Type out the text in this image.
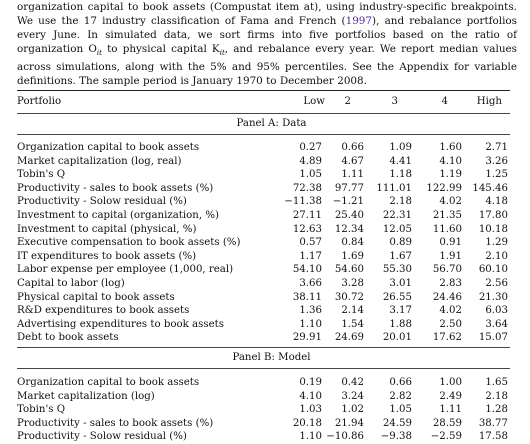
organization capital to book assets (Compustat item at), using industry-specific breakpoints. We use the 17 industry classification of Fama and French (1997), and rebalance portfolios every June. In simulated data, we sort firms into five portfolios based on the ratio of organization $O_{it}$ to physical capital $K_{it}$, and rebalance every year. We report median values across simulations, along with the 5% and 95% percentiles. See the Appendix for variable definitions. The sample period is January 1970 to December 2008.
Portfolio	Low 2	3	4	High
Panel A: Data
Organization capital to book assets	0.27 0.66 1.09	1.60 2.71
Market capitalization (log, real)	4.89 4.67 4.41	4.10 3.26
Tobin's Q	1.05 1.11 1.18	1.19 1.25
Productivity - sales to book assets (%)	72.38 97.77 111.01 122.99 145.46
Productivity - Solow residual (%)	−11.38 −1.21 2.18	4.02 4.18
Investment to capital (organization, %)	27.11 25.40 22.31 21.35 17.80
Investment to capital (physical, %)	12.63 12.34 12.05 11.60 10.18
Executive compensation to book assets (%)	0.57 0.84 0.89	0.91 1.29
IT expenditures to book assets (%)	1.17 1.69 1.67	1.91 2.10
Labor expense per employee (1,000, real)	54.10 54.60 55.30 56.70 60.10
Capital to labor (log)	3.66 3.28 3.01	2.83 2.56
Physical capital to book assets	38.11 30.72 26.55 24.46 21.30
R&D expenditures to book assets	1.36 2.14 3.17	4.02 6.03
Advertising expenditures to book assets	1.10 1.54 1.88	2.50 3.64
Debt to book assets	29.91 24.69 20.01 17.62 15.07
Panel B: Model
Organization capital to book assets	0.19 0.42 0.66	1.00 1.65
Market capitalization (log)	4.10 3.24 2.82	2.49 2.18
Tobin's Q	1.03 1.02 1.05	1.11 1.28
Productivity - sales to book assets (%)	20.18 21.94 24.59 28.59 38.77
Productivity - Solow residual (%)	1.10 −10.86 −9.38 −2.59 17.58
